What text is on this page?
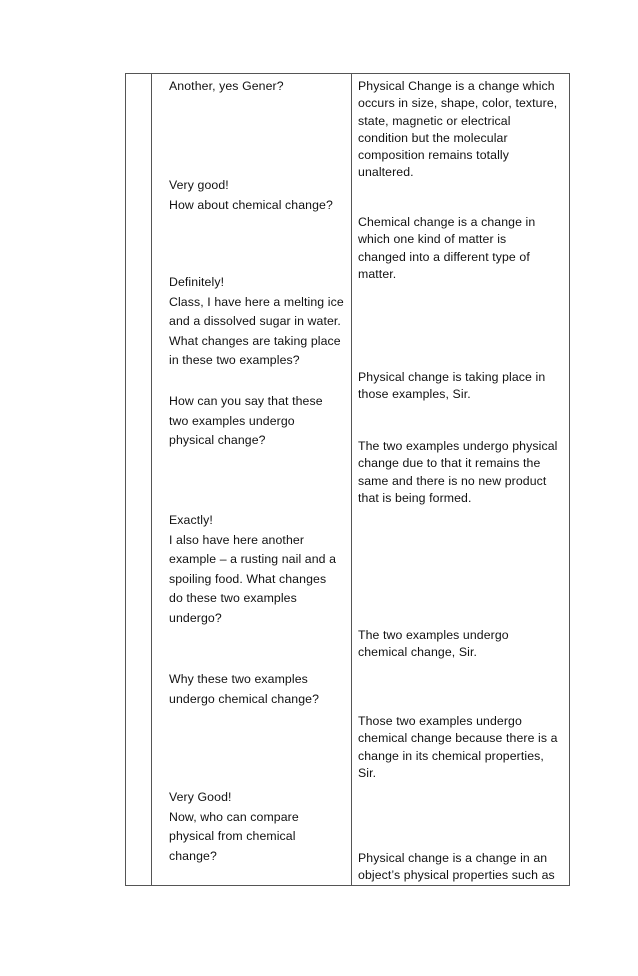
Another, yes Gener?

Very good!
How about chemical change?

Definitely!
Class, I have here a melting ice
and a dissolved sugar in water.
What changes are taking place
in these two examples?

How can you say that these
two examples undergo
physical change?

Exactly!
I also have here another
example – a rusting nail and a
spoiling food. What changes
do these two examples
undergo?

Why these two examples
undergo chemical change?

Very Good!
Now, who can compare
physical from chemical
change?

Physical Change is a change which
occurs in size, shape, color, texture,
state, magnetic or electrical
condition but the molecular
composition remains totally
unaltered.

Chemical change is a change in
which one kind of matter is
changed into a different type of
matter.

Physical change is taking place in
those examples, Sir.

The two examples undergo physical
change due to that it remains the
same and there is no new product
that is being formed.

The two examples undergo
chemical change, Sir.

Those two examples undergo
chemical change because there is a
change in its chemical properties,
Sir.

Physical change is a change in an
object’s physical properties such as
